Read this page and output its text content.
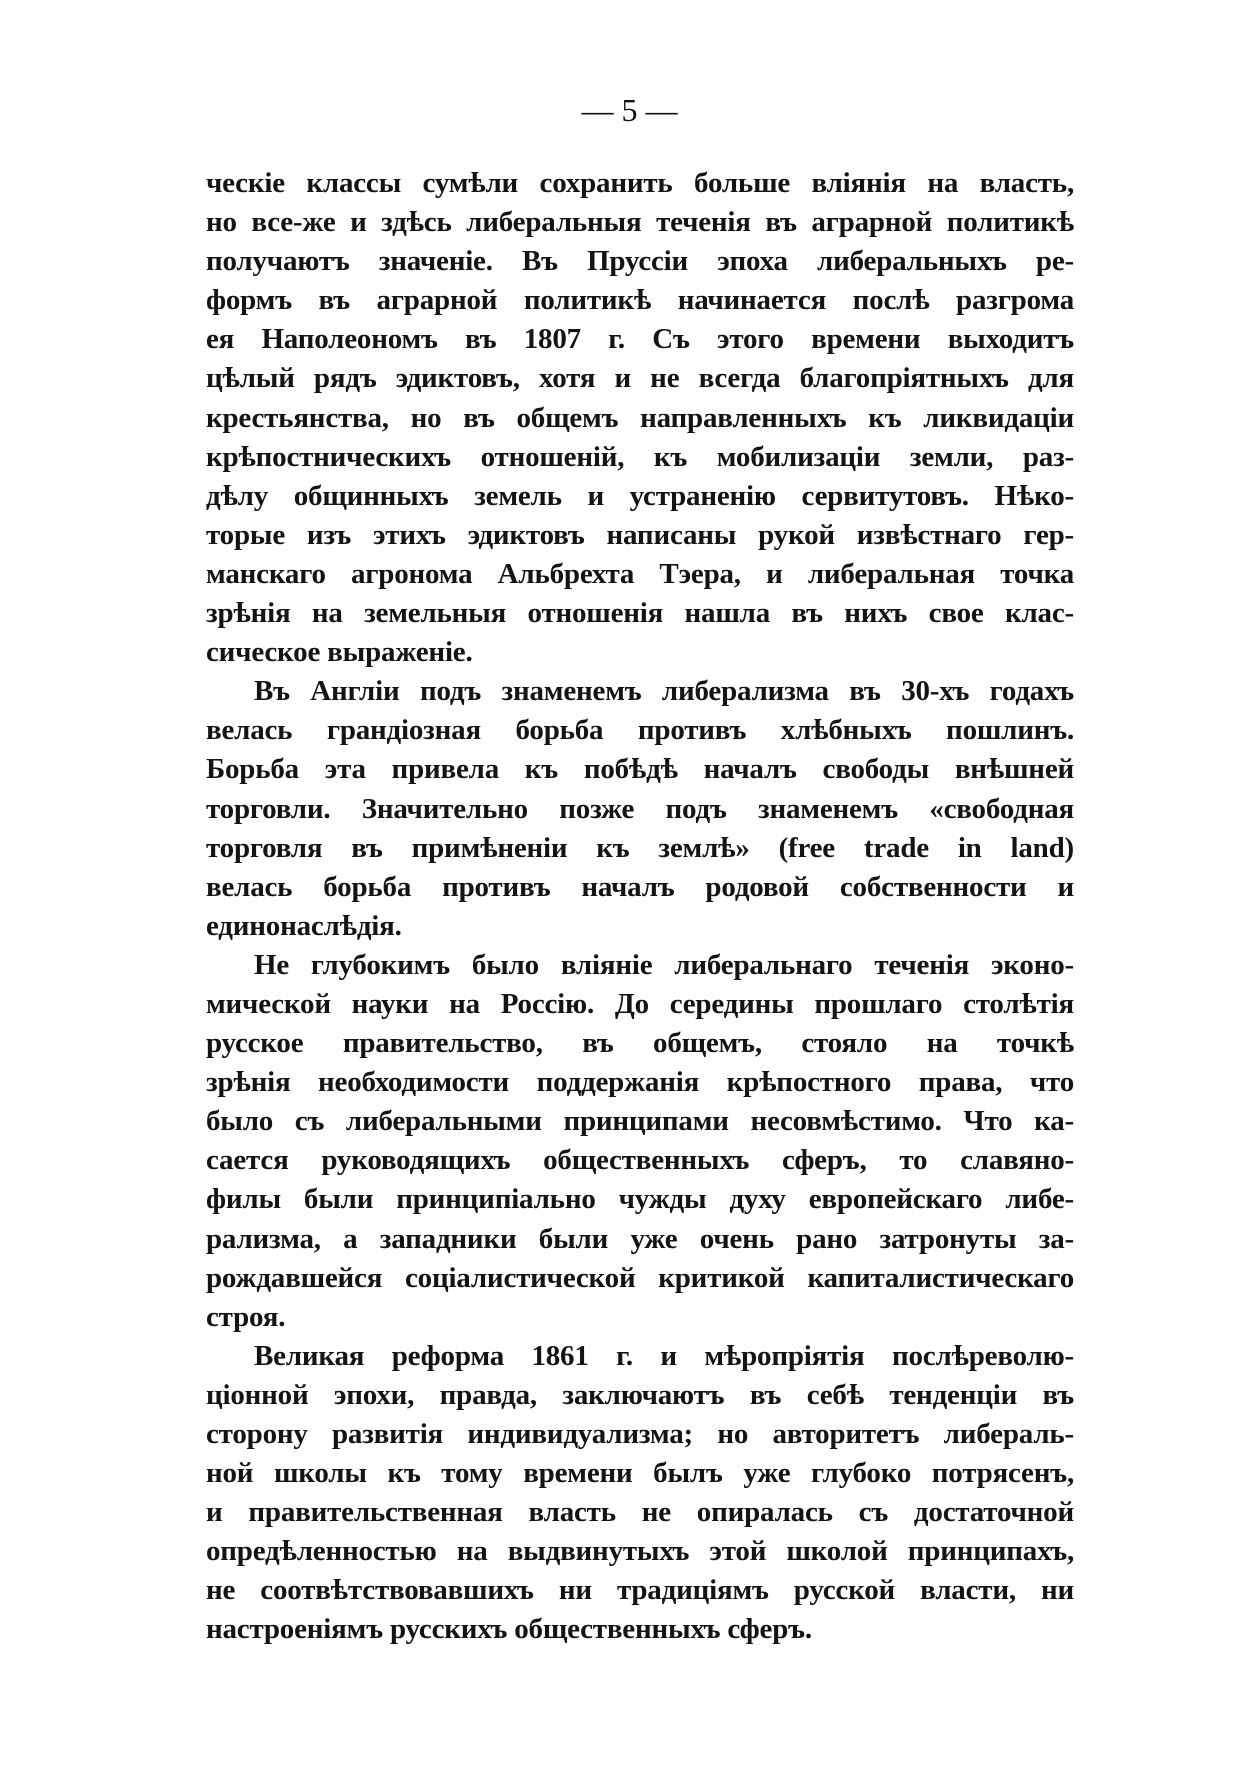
— 5 —
ческіе классы сумѣли сохранить больше вліянія на власть,
но все-же и здѣсь либеральныя теченія въ аграрной политикѣ
получаютъ значеніе. Въ Пруссіи эпоха либеральныхъ ре-
формъ въ аграрной политикѣ начинается послѣ разгрома
ея Наполеономъ въ 1807 г. Съ этого времени выходитъ
цѣлый рядъ эдиктовъ, хотя и не всегда благопріятныхъ для
крестьянства, но въ общемъ направленныхъ къ ликвидаціи
крѣпостническихъ отношеній, къ мобилизаціи земли, раз-
дѣлу общинныхъ земель и устраненію сервитутовъ. Нѣко-
торые изъ этихъ эдиктовъ написаны рукой извѣстнаго гер-
манскаго агронома Альбрехта Тэера, и либеральная точка
зрѣнія на земельныя отношенія нашла въ нихъ свое клас-
сическое выраженіе.
Въ Англіи подъ знаменемъ либерализма въ 30-хъ годахъ
велась грандіозная борьба противъ хлѣбныхъ пошлинъ.
Борьба эта привела къ побѣдѣ началъ свободы внѣшней
торговли. Значительно позже подъ знаменемъ «свободная
торговля въ примѣненіи къ землѣ» (free trade in land)
велась борьба противъ началъ родовой собственности и
единонаслѣдія.
Не глубокимъ было вліяніе либеральнаго теченія эконо-
мической науки на Россію. До середины прошлаго столѣтія
русское правительство, въ общемъ, стояло на точкѣ
зрѣнія необходимости поддержанія крѣпостного права, что
было съ либеральными принципами несовмѣстимо. Что ка-
сается руководящихъ общественныхъ сферъ, то славяно-
филы были принципіально чужды духу европейскаго либе-
рализма, а западники были уже очень рано затронуты за-
рождавшейся соціалистической критикой капиталистическаго
строя.
Великая реформа 1861 г. и мѣропріятія послѣреволю-
ціонной эпохи, правда, заключаютъ въ себѣ тенденціи въ
сторону развитія индивидуализма; но авторитетъ либераль-
ной школы къ тому времени былъ уже глубоко потрясенъ,
и правительственная власть не опиралась съ достаточной
опредѣленностью на выдвинутыхъ этой школой принципахъ,
не соотвѣтствовавшихъ ни традиціямъ русской власти, ни
настроеніямъ русскихъ общественныхъ сферъ.
